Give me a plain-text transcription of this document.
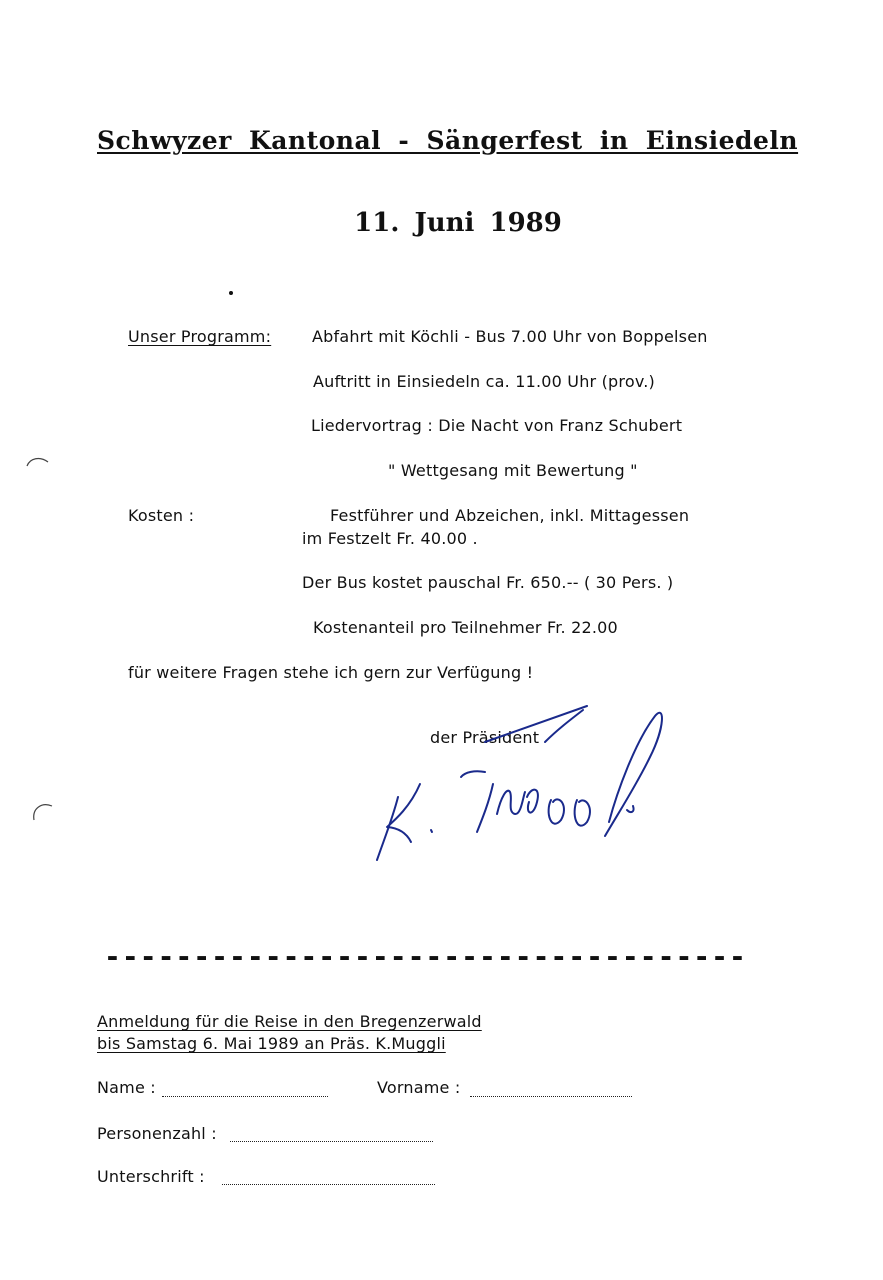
Schwyzer Kantonal - Sängerfest in Einsiedeln
11. Juni 1989
Unser Programm:	Abfahrt mit Köchli - Bus 7.00 Uhr von Boppelsen
Auftritt in Einsiedeln ca. 11.00 Uhr (prov.)
Liedervortrag : Die Nacht von Franz Schubert
" Wettgesang mit Bewertung "
Kosten :	Festführer und Abzeichen, inkl. Mittagessen
im Festzelt Fr. 40.00 .
Der Bus kostet pauschal Fr. 650.-- ( 30 Pers. )
Kostenanteil pro Teilnehmer Fr. 22.00
für weitere Fragen stehe ich gern zur Verfügung !
der Präsident
------------------------------------
Anmeldung für die Reise in den Bregenzerwald
bis Samstag 6. Mai 1989 an Präs. K.Muggli
Name :	Vorname :
Personenzahl :
Unterschrift :
